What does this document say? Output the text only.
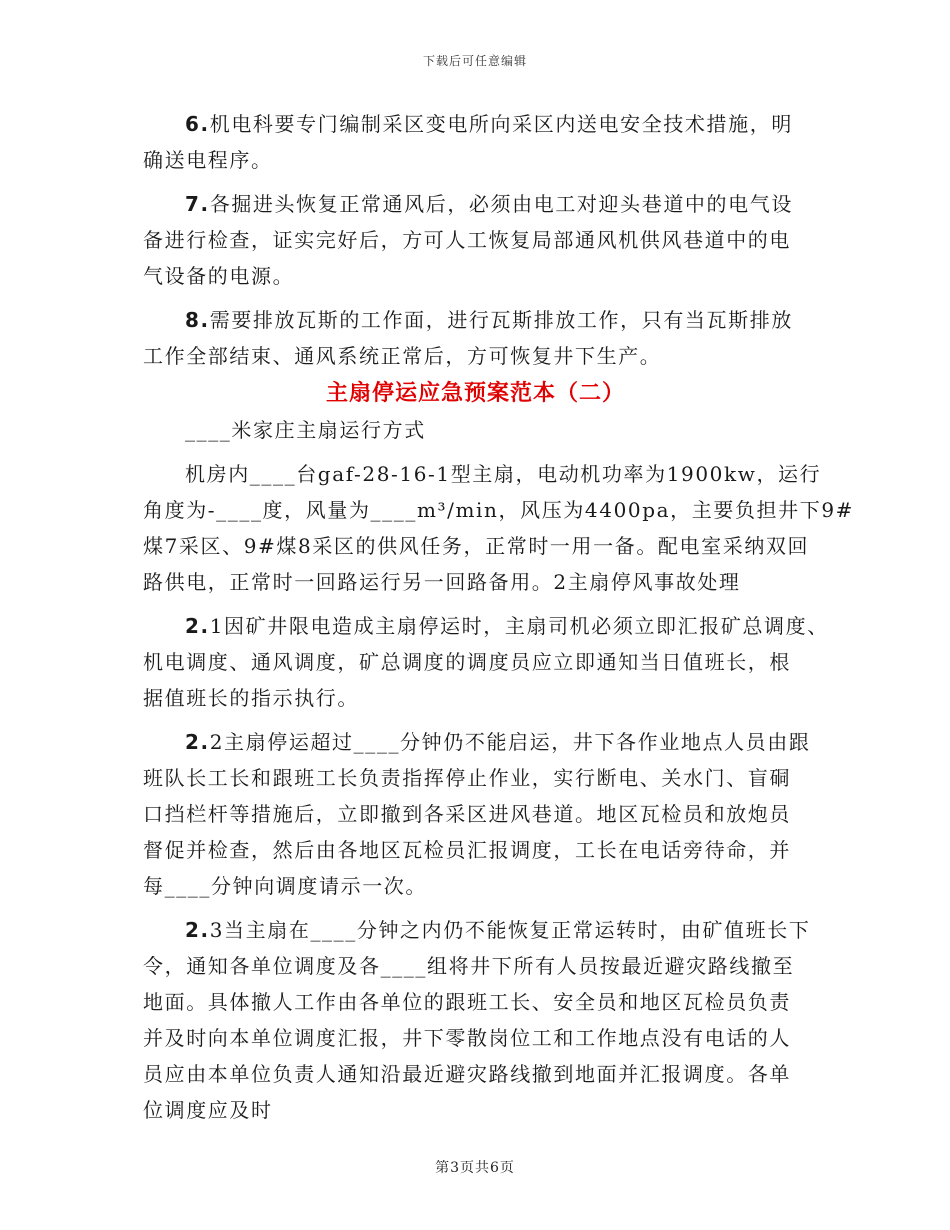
下载后可任意编辑
6.机电科要专门编制采区变电所向采区内送电安全技术措施，明
确送电程序。
7.各掘进头恢复正常通风后，必须由电工对迎头巷道中的电气设
备进行检查，证实完好后，方可人工恢复局部通风机供风巷道中的电
气设备的电源。
8.需要排放瓦斯的工作面，进行瓦斯排放工作，只有当瓦斯排放
工作全部结束、通风系统正常后，方可恢复井下生产。
主扇停运应急预案范本（二）
____米家庄主扇运行方式
机房内____台gaf-28-16-1型主扇，电动机功率为1900kw，运行
角度为-____度，风量为____m³/min，风压为4400pa，主要负担井下9#
煤7采区、9#煤8采区的供风任务，正常时一用一备。配电室采纳双回
路供电，正常时一回路运行另一回路备用。2主扇停风事故处理
2.1因矿井限电造成主扇停运时，主扇司机必须立即汇报矿总调度、
机电调度、通风调度，矿总调度的调度员应立即通知当日值班长，根
据值班长的指示执行。
2.2主扇停运超过____分钟仍不能启运，井下各作业地点人员由跟
班队长工长和跟班工长负责指挥停止作业，实行断电、关水门、盲硐
口挡栏杆等措施后，立即撤到各采区进风巷道。地区瓦检员和放炮员
督促并检查，然后由各地区瓦检员汇报调度，工长在电话旁待命，并
每____分钟向调度请示一次。
2.3当主扇在____分钟之内仍不能恢复正常运转时，由矿值班长下
令，通知各单位调度及各____组将井下所有人员按最近避灾路线撤至
地面。具体撤人工作由各单位的跟班工长、安全员和地区瓦检员负责
并及时向本单位调度汇报，井下零散岗位工和工作地点没有电话的人
员应由本单位负责人通知沿最近避灾路线撤到地面并汇报调度。各单
位调度应及时
第3页共6页
